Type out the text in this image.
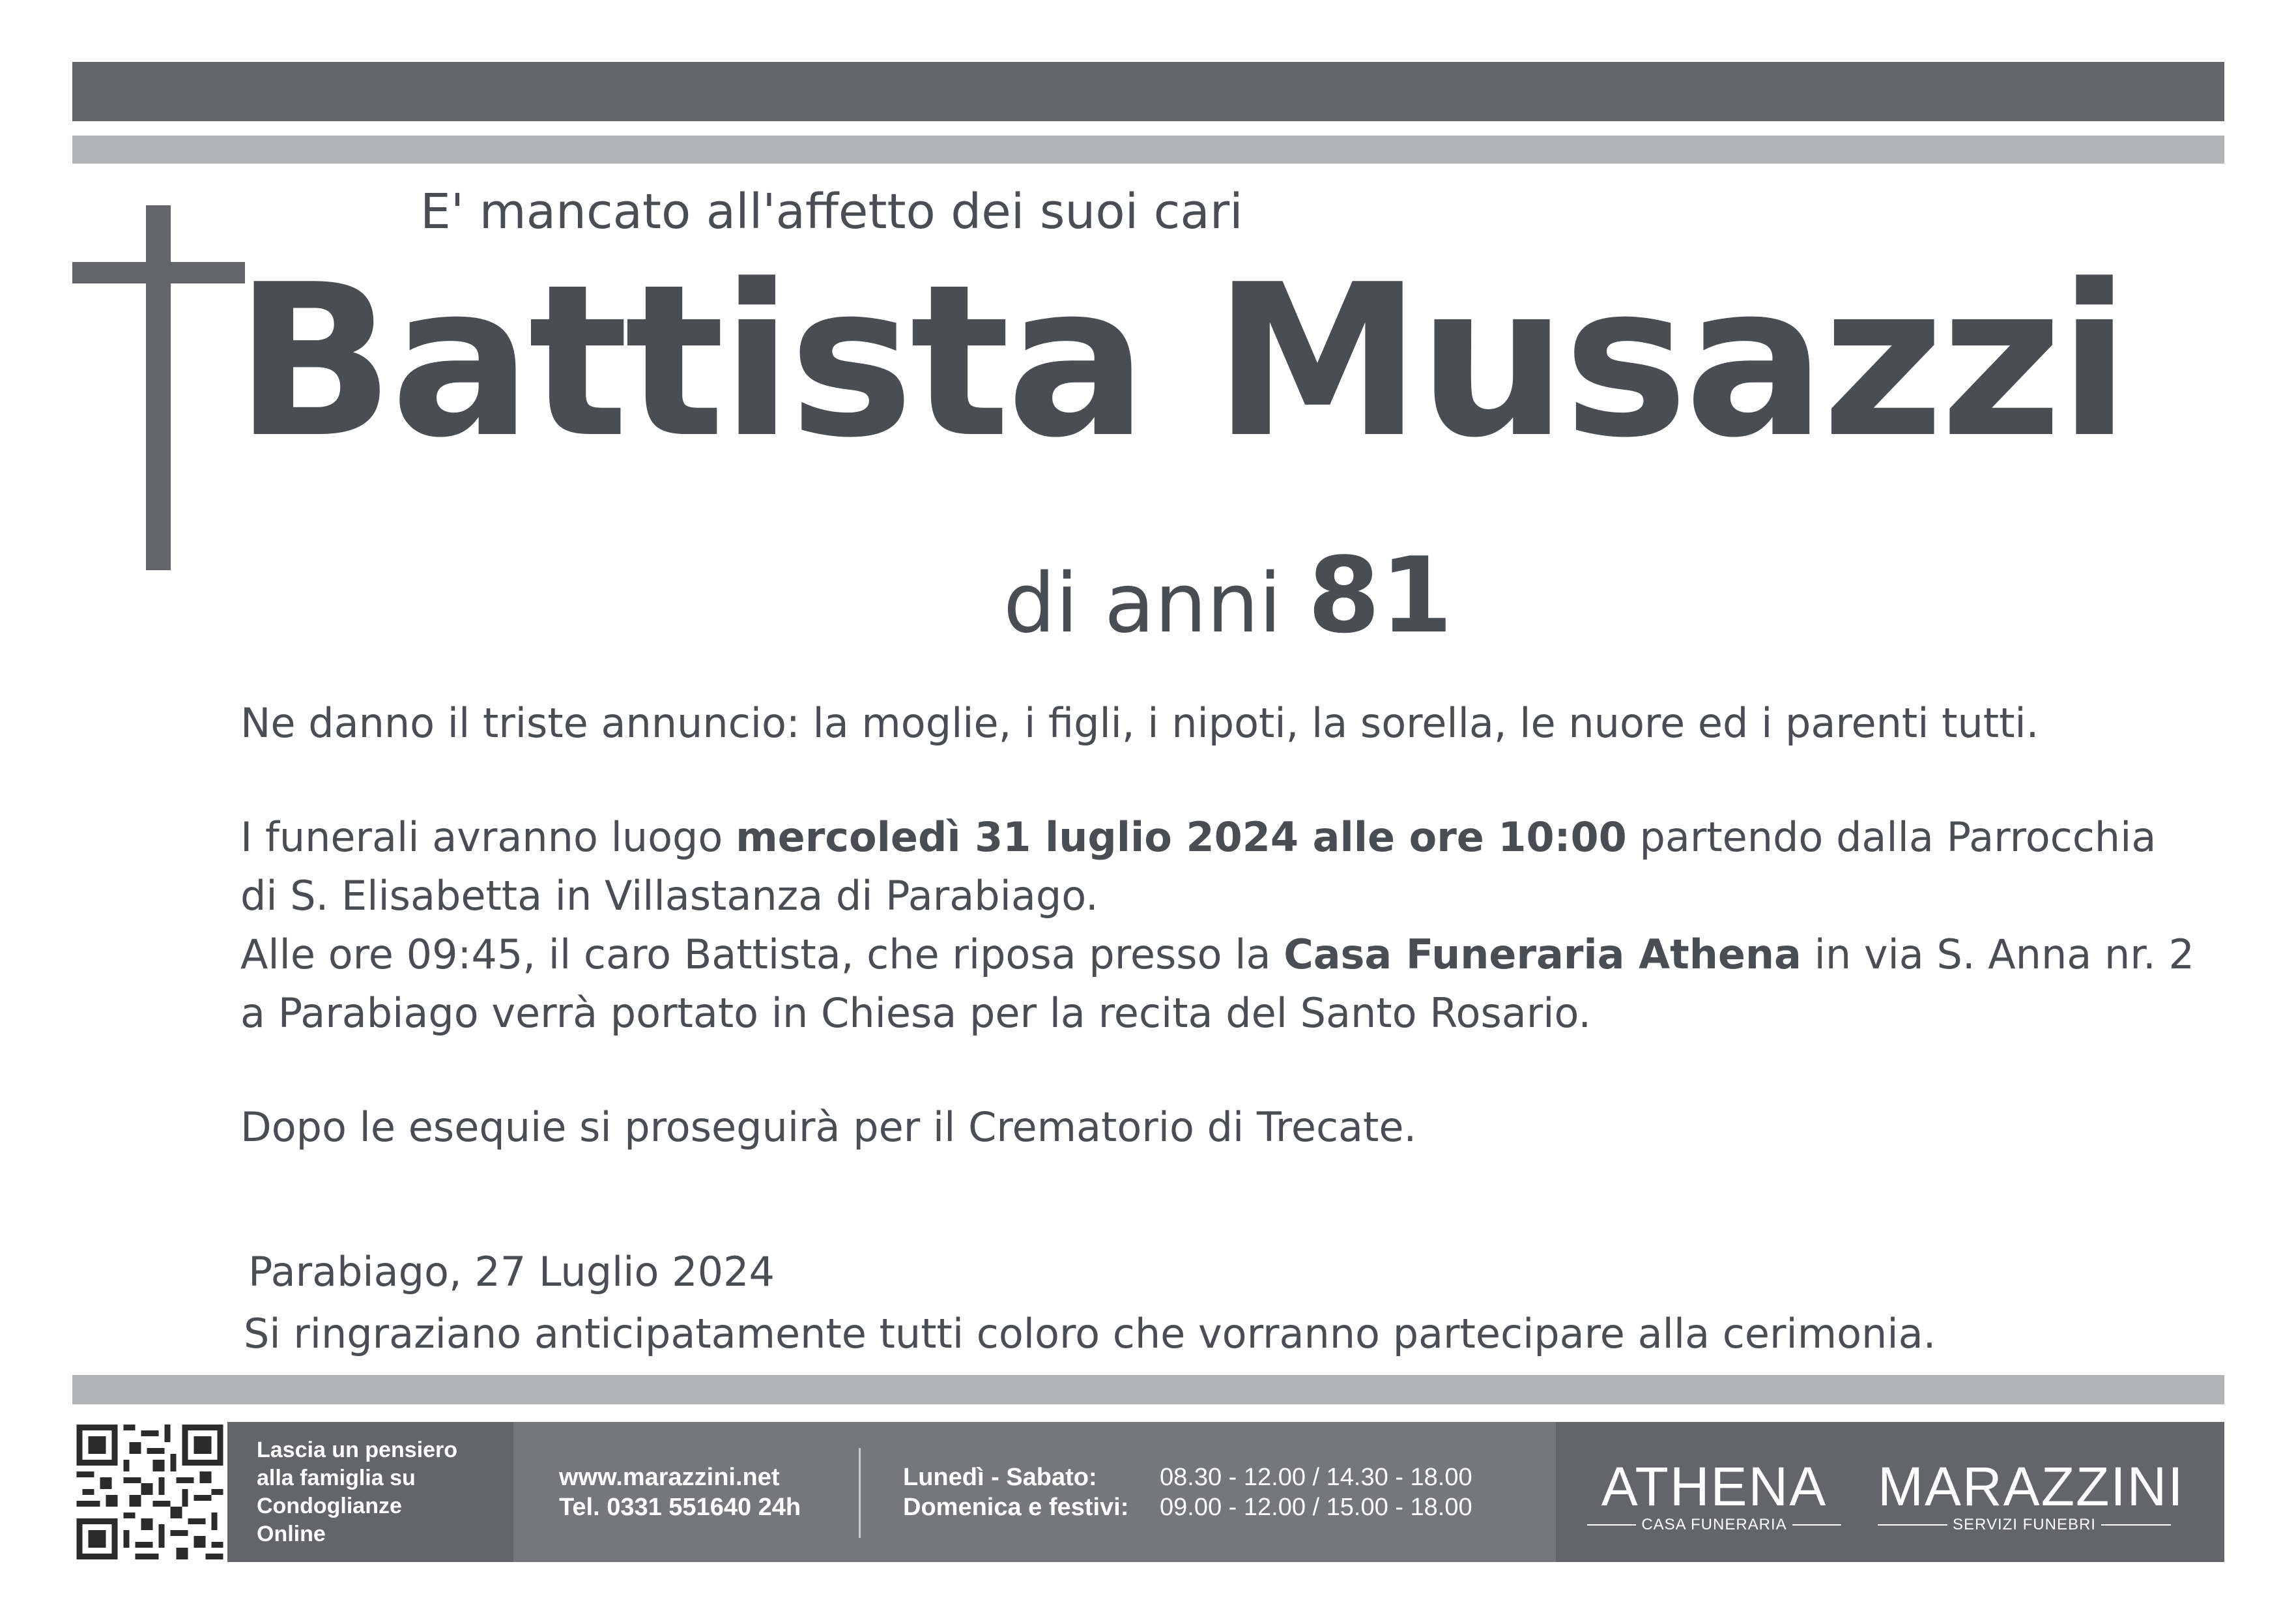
E' mancato all'affetto dei suoi cari
Battista Musazzi
di anni 81
Ne danno il triste annuncio: la moglie, i figli, i nipoti, la sorella, le nuore ed i parenti tutti.
I funerali avranno luogo mercoledì 31 luglio 2024 alle ore 10:00 partendo dalla Parrocchia
di S. Elisabetta in Villastanza di Parabiago.
Alle ore 09:45, il caro Battista, che riposa presso la Casa Funeraria Athena in via S. Anna nr. 2
a Parabiago verrà portato in Chiesa per la recita del Santo Rosario.
Dopo le esequie si proseguirà per il Crematorio di Trecate.
Parabiago, 27 Luglio 2024
Si ringraziano anticipatamente tutti coloro che vorranno partecipare alla cerimonia.
Lascia un pensiero
alla famiglia su
Condoglianze
Online
www.marazzini.net
Tel. 0331 551640 24h
Lunedì - Sabato:
Domenica e festivi:
08.30 - 12.00 / 14.30 - 18.00
09.00 - 12.00 / 15.00 - 18.00 ATHENA
CASA FUNERARIA
MARAZZINI
SERVIZI FUNEBRI
